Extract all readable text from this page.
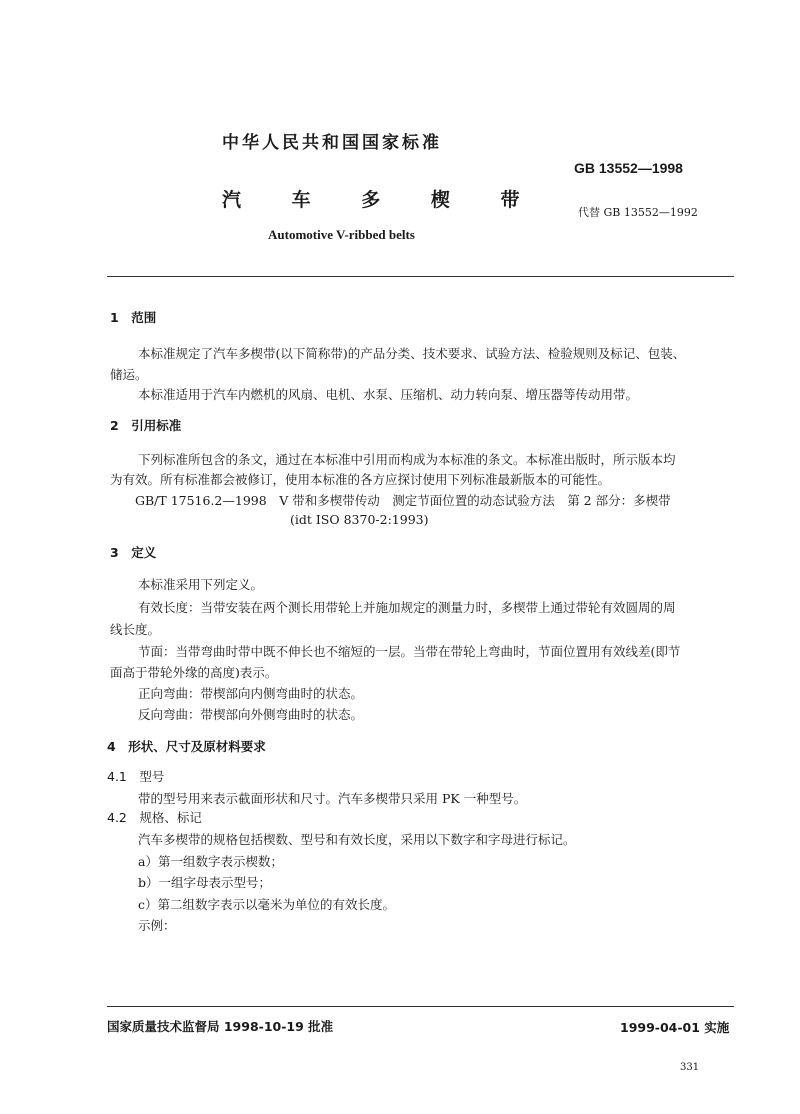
中华人民共和国国家标准
GB 13552—1998
汽 车 多 楔 带
代替 GB 13552—1992
Automotive V-ribbed belts
1　范围
本标准规定了汽车多楔带(以下简称带)的产品分类、技术要求、试验方法、检验规则及标记、包装、
储运。
本标准适用于汽车内燃机的风扇、电机、水泵、压缩机、动力转向泵、增压器等传动用带。
2　引用标准
下列标准所包含的条文，通过在本标准中引用而构成为本标准的条文。本标准出版时，所示版本均
为有效。所有标准都会被修订，使用本标准的各方应探讨使用下列标准最新版本的可能性。
GB/T 17516.2—1998　V 带和多楔带传动　测定节面位置的动态试验方法　第 2 部分：多楔带
(idt ISO 8370-2:1993)
3　定义
本标准采用下列定义。
有效长度：当带安装在两个测长用带轮上并施加规定的测量力时，多楔带上通过带轮有效圆周的周
线长度。
节面：当带弯曲时带中既不伸长也不缩短的一层。当带在带轮上弯曲时，节面位置用有效线差(即节
面高于带轮外缘的高度)表示。
正向弯曲：带楔部向内侧弯曲时的状态。
反向弯曲：带楔部向外侧弯曲时的状态。
4　形状、尺寸及原材料要求
4.1　型号
带的型号用来表示截面形状和尺寸。汽车多楔带只采用 PK 一种型号。
4.2　规格、标记
汽车多楔带的规格包括楔数、型号和有效长度，采用以下数字和字母进行标记。
a）第一组数字表示楔数；
b）一组字母表示型号；
c）第二组数字表示以毫米为单位的有效长度。
示例：
国家质量技术监督局 1998-10-19 批准	1999-04-01 实施
331
